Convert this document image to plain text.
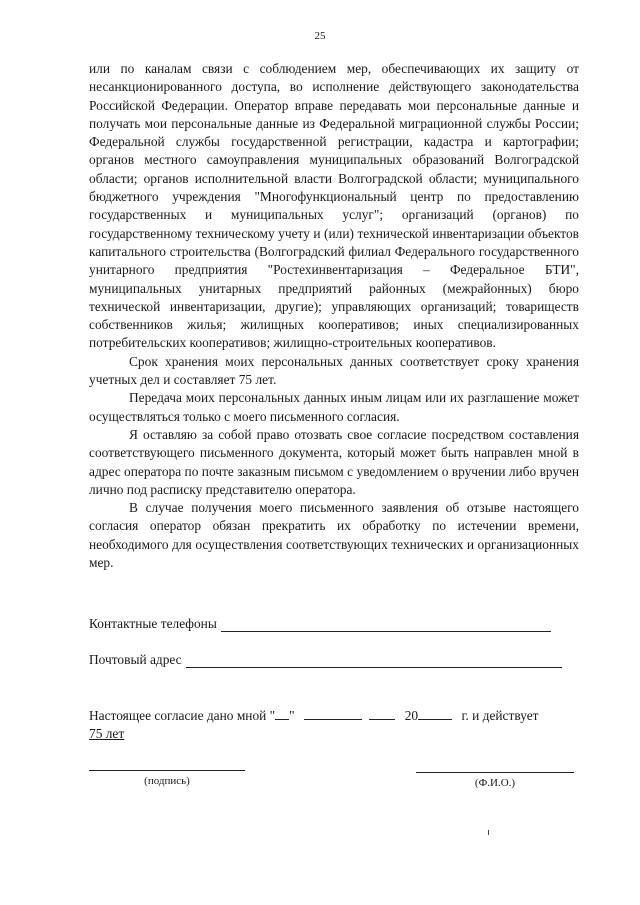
25

или по каналам связи с соблюдением мер, обеспечивающих их защиту от несанкционированного доступа, во исполнение действующего законодательства Российской Федерации. Оператор вправе передавать мои персональные данные и получать мои персональные данные из Федеральной миграционной службы России; Федеральной службы государственной регистрации, кадастра и картографии; органов местного самоуправления муниципальных образований Волгоградской области; органов исполнительной власти Волгоградской области; муниципального бюджетного учреждения "Многофункциональный центр по предоставлению государственных и муниципальных услуг"; организаций (органов) по государственному техническому учету и (или) технической инвентаризации объектов капитального строительства (Волгоградский филиал Федерального государственного унитарного предприятия "Ростехинвентаризация – Федеральное БТИ", муниципальных унитарных предприятий районных (межрайонных) бюро технической инвентаризации, другие); управляющих организаций; товариществ собственников жилья; жилищных кооперативов; иных специализированных потребительских кооперативов; жилищно-строительных кооперативов.

Срок хранения моих персональных данных соответствует сроку хранения учетных дел и составляет 75 лет.

Передача моих персональных данных иным лицам или их разглашение может осуществляться только с моего письменного согласия.

Я оставляю за собой право отозвать свое согласие посредством составления соответствующего письменного документа, который может быть направлен мной в адрес оператора по почте заказным письмом с уведомлением о вручении либо вручен лично под расписку представителю оператора.

В случае получения моего письменного заявления об отзыве настоящего согласия оператор обязан прекратить их обработку по истечении времени, необходимого для осуществления соответствующих технических и организационных мер.

Контактные телефоны
Почтовый адрес
Настоящее согласие дано мной " "	20	г. и действует
75 лет
(подпись)	(Ф.И.О.)
